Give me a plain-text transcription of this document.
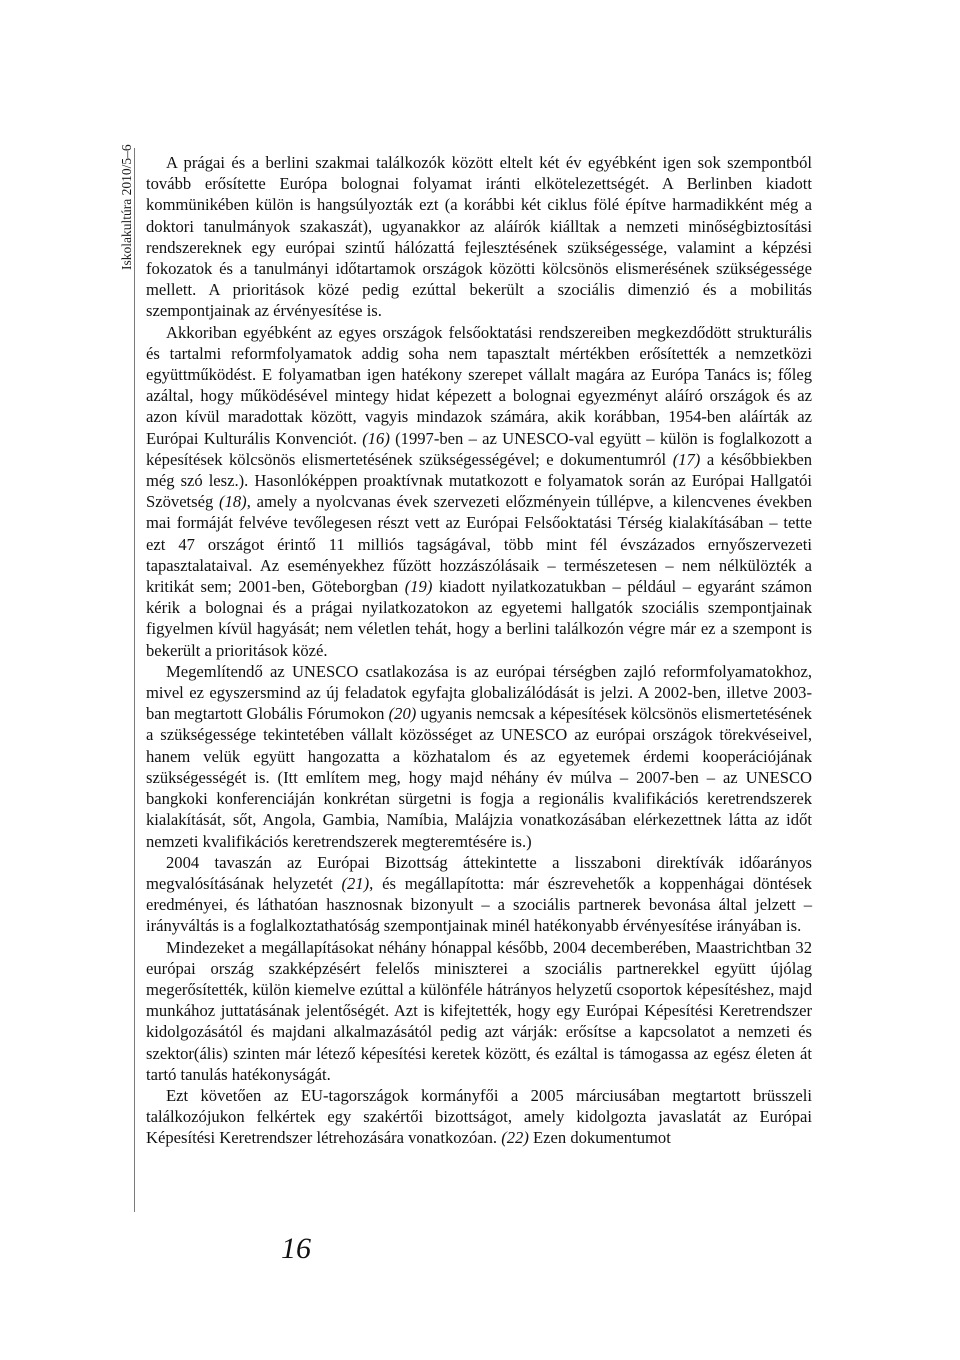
Iskolakultúra 2010/5–6	A prágai és a berlini szakmai találkozók között eltelt két év egyébként igen sok szempontból tovább erősítette Európa bolognai folyamat iránti elkötelezettségét. A Berlinben kiadott kommünikében külön is hangsúlyozták ezt (a korábbi két ciklus fölé építve harmadikként még a doktori tanulmányok szakaszát), ugyanakkor az aláírók kiálltak a nemzeti minőségbiztosítási rendszereknek egy európai szintű hálózattá fejlesztésének szükségessége, valamint a képzési fokozatok és a tanulmányi időtartamok országok közötti kölcsönös elismerésének szükségessége mellett. A prioritások közé pedig ezúttal bekerült a szociális dimenzió és a mobilitás szempontjainak az érvényesítése is.

Akkoriban egyébként az egyes országok felsőoktatási rendszereiben megkezdődött strukturális és tartalmi reformfolyamatok addig soha nem tapasztalt mértékben erősítették a nemzetközi együttműködést. E folyamatban igen hatékony szerepet vállalt magára az Európa Tanács is; főleg azáltal, hogy működésével mintegy hidat képezett a bolognai egyezményt aláíró országok és az azon kívül maradottak között, vagyis mindazok számára, akik korábban, 1954-ben aláírták az Európai Kulturális Konvenciót. (16) (1997-ben – az UNESCO-val együtt – külön is foglalkozott a képesítések kölcsönös elismertetésének szükségességével; e dokumentumról (17) a későbbiekben még szó lesz.). Hasonlóképpen proaktívnak mutatkozott e folyamatok során az Európai Hallgatói Szövetség (18), amely a nyolcvanas évek szervezeti előzményein túllépve, a kilencvenes években mai formáját felvéve tevőlegesen részt vett az Európai Felsőoktatási Térség kialakításában – tette ezt 47 országot érintő 11 milliós tagságával, több mint fél évszázados ernyőszervezeti tapasztalataival. Az eseményekhez fűzött hozzászólásaik – természetesen – nem nélkülözték a kritikát sem; 2001-ben, Göteborgban (19) kiadott nyilatkozatukban – például – egyaránt számon kérik a bolognai és a prágai nyilatkozatokon az egyetemi hallgatók szociális szempontjainak figyelmen kívül hagyását; nem véletlen tehát, hogy a berlini találkozón végre már ez a szempont is bekerült a prioritások közé.

Megemlítendő az UNESCO csatlakozása is az európai térségben zajló reformfolyamatokhoz, mivel ez egyszersmind az új feladatok egyfajta globalizálódását is jelzi. A 2002-ben, illetve 2003-ban megtartott Globális Fórumokon (20) ugyanis nemcsak a képesítések kölcsönös elismertetésének a szükségessége tekintetében vállalt közösséget az UNESCO az európai országok törekvéseivel, hanem velük együtt hangozatta a közhatalom és az egyetemek érdemi kooperációjának szükségességét is. (Itt említem meg, hogy majd néhány év múlva – 2007-ben – az UNESCO bangkoki konferenciáján konkrétan sürgetni is fogja a regionális kvalifikációs keretrendszerek kialakítását, sőt, Angola, Gambia, Namíbia, Malájzia vonatkozásában elérkezettnek látta az időt nemzeti kvalifikációs keretrendszerek megteremtésére is.)

2004 tavaszán az Európai Bizottság áttekintette a lisszaboni direktívák időarányos megvalósításának helyzetét (21), és megállapította: már észrevehetők a koppenhágai döntések eredményei, és láthatóan hasznosnak bizonyult – a szociális partnerek bevonása által jelzett – irányváltás is a foglalkoztathatóság szempontjainak minél hatékonyabb érvényesítése irányában is.

Mindezeket a megállapításokat néhány hónappal később, 2004 decemberében, Maastrichtban 32 európai ország szakképzésért felelős miniszterei a szociális partnerekkel együtt újólag megerősítették, külön kiemelve ezúttal a különféle hátrányos helyzetű csoportok képesítéshez, majd munkához juttatásának jelentőségét. Azt is kifejtették, hogy egy Európai Képesítési Keretrendszer kidolgozásától és majdani alkalmazásától pedig azt várják: erősítse a kapcsolatot a nemzeti és szektor(ális) szinten már létező képesítési keretek között, és ezáltal is támogassa az egész életen át tartó tanulás hatékonyságát.

Ezt követően az EU-tagországok kormányfői a 2005 márciusában megtartott brüsszeli találkozójukon felkértek egy szakértői bizottságot, amely kidolgozta javaslatát az Európai Képesítési Keretrendszer létrehozására vonatkozóan. (22) Ezen dokumentumot

16
